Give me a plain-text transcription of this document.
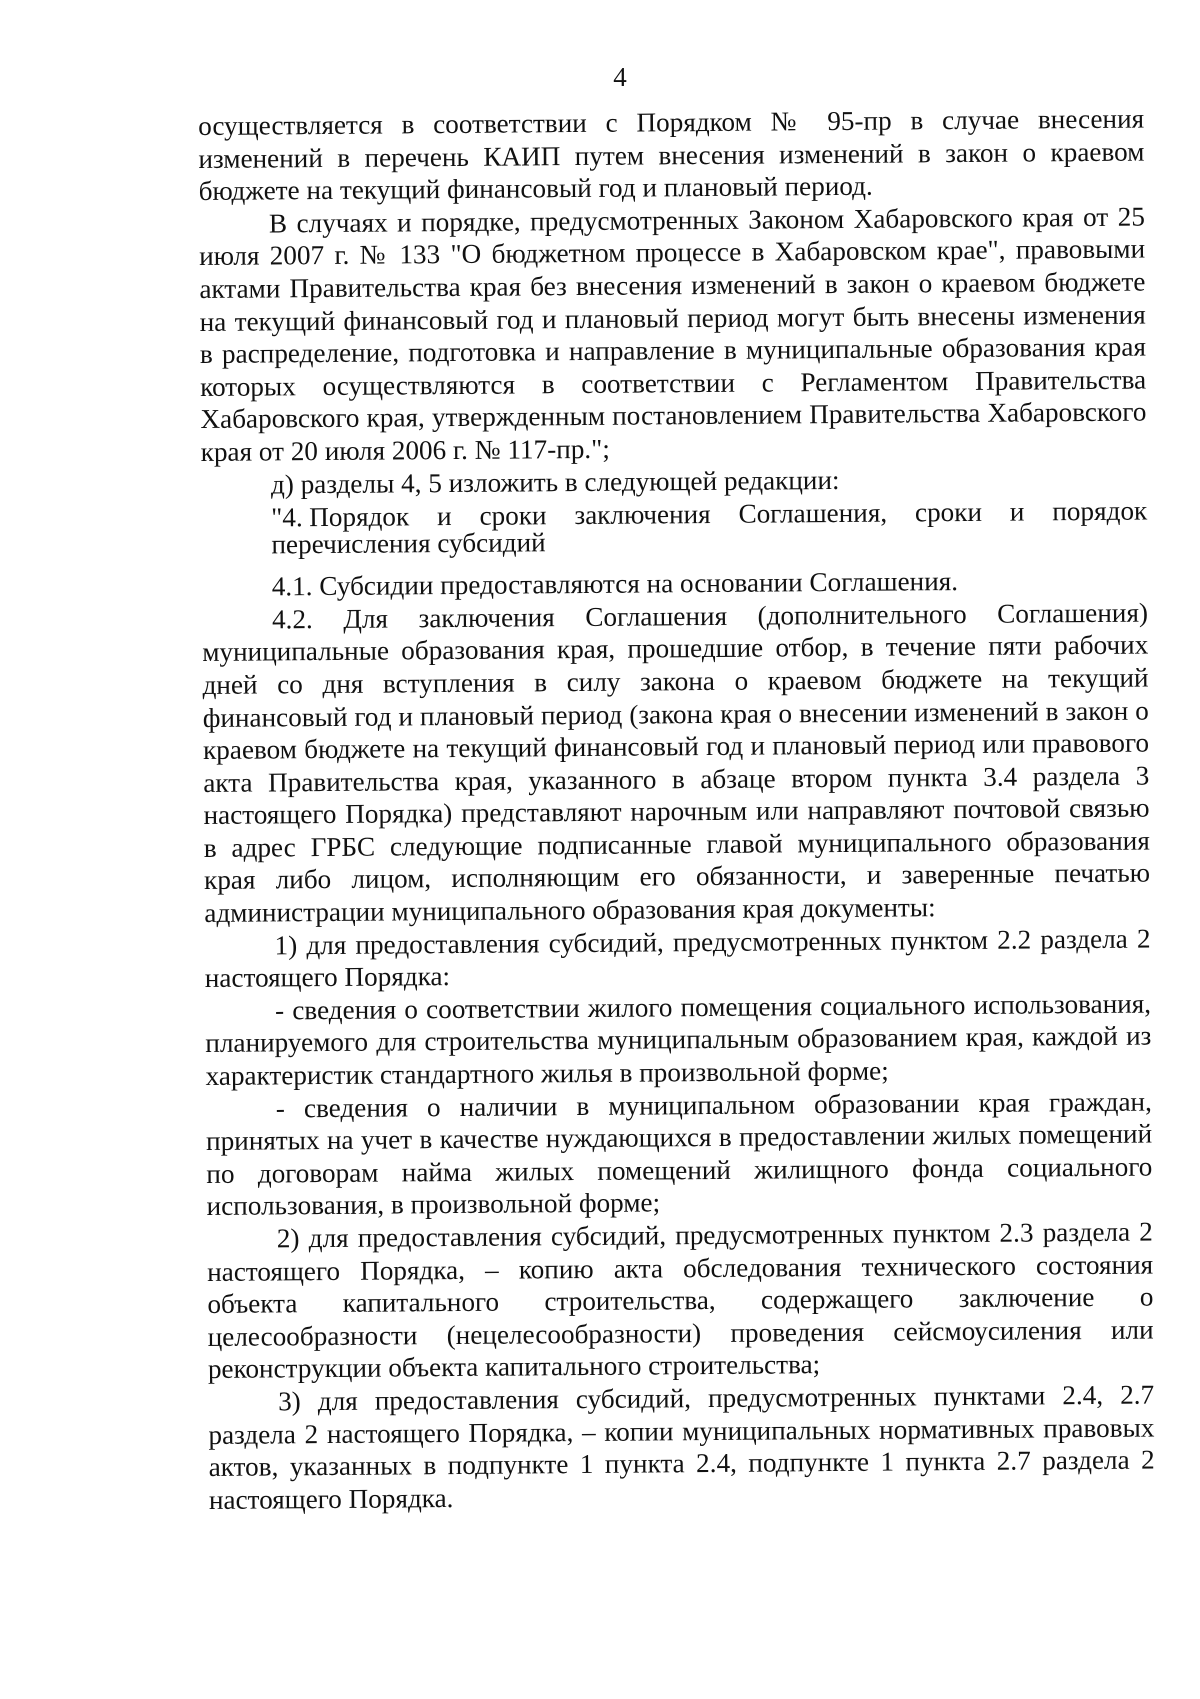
4

осуществляется в соответствии с Порядком № 95-пр в случае внесения изменений в перечень КАИП путем внесения изменений в закон о краевом бюджете на текущий финансовый год и плановый период.

В случаях и порядке, предусмотренных Законом Хабаровского края от 25 июля 2007 г. № 133 "О бюджетном процессе в Хабаровском крае", правовыми актами Правительства края без внесения изменений в закон о краевом бюджете на текущий финансовый год и плановый период могут быть внесены изменения в распределение, подготовка и направление в муниципальные образования края которых осуществляются в соответствии с Регламентом Правительства Хабаровского края, утвержденным постановлением Правительства Хабаровского края от 20 июля 2006 г. № 117-пр.";

д) разделы 4, 5 изложить в следующей редакции:

"4. Порядок и сроки заключения Соглашения, сроки и порядок перечисления субсидий

4.1. Субсидии предоставляются на основании Соглашения.

4.2. Для заключения Соглашения (дополнительного Соглашения) муниципальные образования края, прошедшие отбор, в течение пяти рабочих дней со дня вступления в силу закона о краевом бюджете на текущий финансовый год и плановый период (закона края о внесении изменений в закон о краевом бюджете на текущий финансовый год и плановый период или правового акта Правительства края, указанного в абзаце втором пункта 3.4 раздела 3 настоящего Порядка) представляют нарочным или направляют почтовой связью в адрес ГРБС следующие подписанные главой муниципального образования края либо лицом, исполняющим его обязанности, и заверенные печатью администрации муниципального образования края документы:

1) для предоставления субсидий, предусмотренных пунктом 2.2 раздела 2 настоящего Порядка:

- сведения о соответствии жилого помещения социального использования, планируемого для строительства муниципальным образованием края, каждой из характеристик стандартного жилья в произвольной форме;

- сведения о наличии в муниципальном образовании края граждан, принятых на учет в качестве нуждающихся в предоставлении жилых помещений по договорам найма жилых помещений жилищного фонда социального использования, в произвольной форме;

2) для предоставления субсидий, предусмотренных пунктом 2.3 раздела 2 настоящего Порядка, – копию акта обследования технического состояния объекта капитального строительства, содержащего заключение о целесообразности (нецелесообразности) проведения сейсмоусиления или реконструкции объекта капитального строительства;

3) для предоставления субсидий, предусмотренных пунктами 2.4, 2.7 раздела 2 настоящего Порядка, – копии муниципальных нормативных правовых актов, указанных в подпункте 1 пункта 2.4, подпункте 1 пункта 2.7 раздела 2 настоящего Порядка.
